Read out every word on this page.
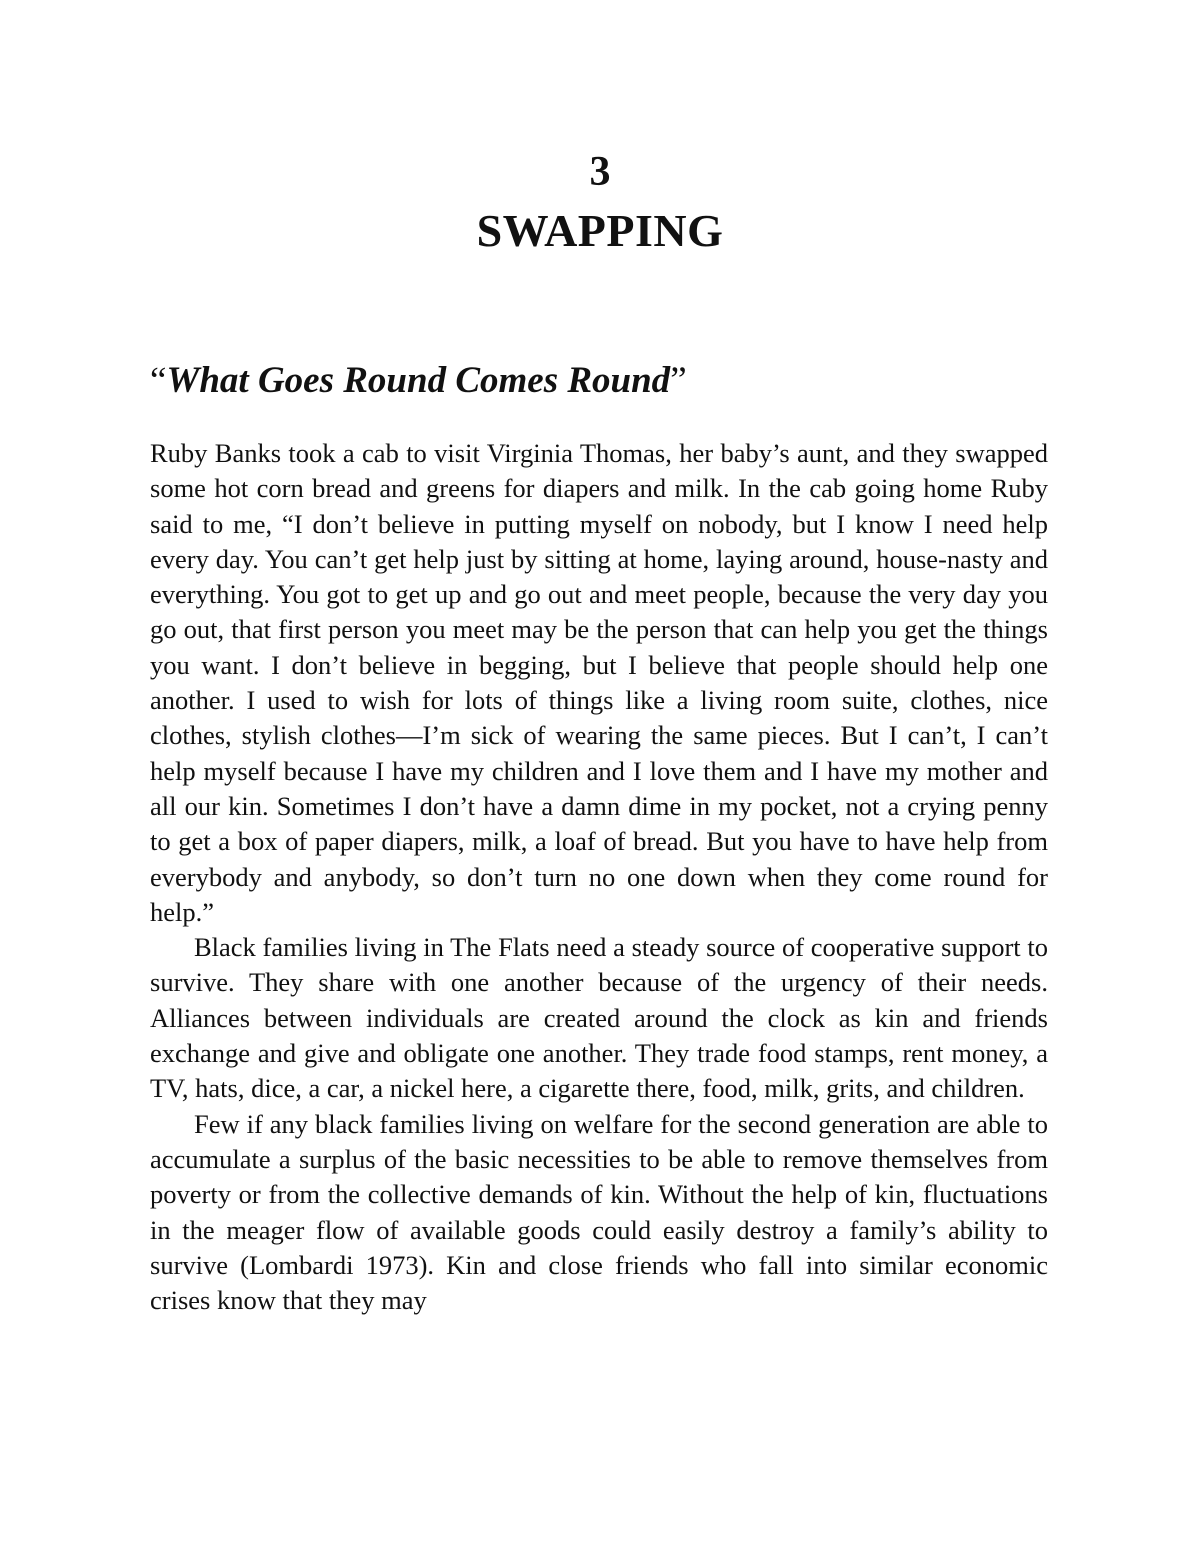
3
SWAPPING
“What Goes Round Comes Round”

Ruby Banks took a cab to visit Virginia Thomas, her baby’s aunt, and they swapped some hot corn bread and greens for diapers and milk. In the cab going home Ruby said to me, “I don’t believe in putting myself on nobody, but I know I need help every day. You can’t get help just by sitting at home, laying around, house-nasty and everything. You got to get up and go out and meet people, because the very day you go out, that first person you meet may be the person that can help you get the things you want. I don’t believe in begging, but I believe that people should help one another. I used to wish for lots of things like a living room suite, clothes, nice clothes, stylish clothes—I’m sick of wearing the same pieces. But I can’t, I can’t help myself because I have my children and I love them and I have my mother and all our kin. Sometimes I don’t have a damn dime in my pocket, not a crying penny to get a box of paper diapers, milk, a loaf of bread. But you have to have help from everybody and anybody, so don’t turn no one down when they come round for help.”

Black families living in The Flats need a steady source of cooperative support to survive. They share with one another because of the urgency of their needs. Alliances between individuals are created around the clock as kin and friends exchange and give and obligate one another. They trade food stamps, rent money, a TV, hats, dice, a car, a nickel here, a cigarette there, food, milk, grits, and children.

Few if any black families living on welfare for the second generation are able to accumulate a surplus of the basic necessities to be able to remove themselves from poverty or from the collective demands of kin. Without the help of kin, fluctuations in the meager flow of available goods could easily destroy a family’s ability to survive (Lombardi 1973). Kin and close friends who fall into similar economic crises know that they may
